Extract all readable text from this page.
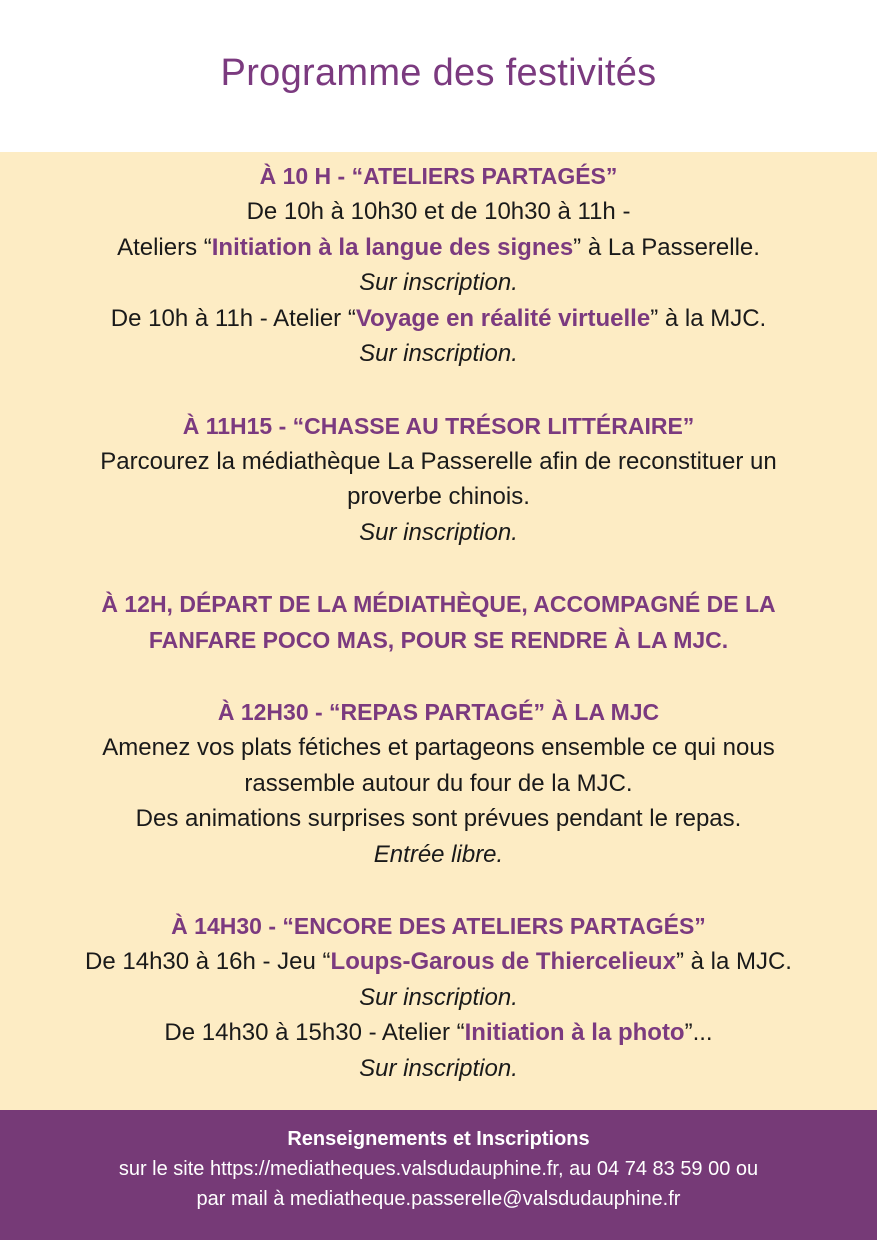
Programme des festivités
À 10 H - “ATELIERS PARTAGÉS”
De 10h à 10h30 et de 10h30 à 11h -
Ateliers “Initiation à la langue des signes” à La Passerelle.
Sur inscription.
De 10h à 11h - Atelier “Voyage en réalité virtuelle” à la MJC.
Sur inscription.
À 11H15 - “CHASSE AU TRÉSOR LITTÉRAIRE”
Parcourez la médiathèque La Passerelle afin de reconstituer un
proverbe chinois.
Sur inscription.
À 12H, DÉPART DE LA MÉDIATHÈQUE, ACCOMPAGNÉ DE LA
FANFARE POCO MAS, POUR SE RENDRE À LA MJC.
À 12H30 - “REPAS PARTAGÉ” À LA MJC
Amenez vos plats fétiches et partageons ensemble ce qui nous
rassemble autour du four de la MJC.
Des animations surprises sont prévues pendant le repas.
Entrée libre.
À 14H30 - “ENCORE DES ATELIERS PARTAGÉS”
De 14h30 à 16h - Jeu “Loups-Garous de Thiercelieux” à la MJC.
Sur inscription.
De 14h30 à 15h30 - Atelier “Initiation à la photo”...
Sur inscription.
Renseignements et Inscriptions
sur le site https://mediatheques.valsdudauphine.fr, au 04 74 83 59 00 ou
par mail à mediatheque.passerelle@valsdudauphine.fr
